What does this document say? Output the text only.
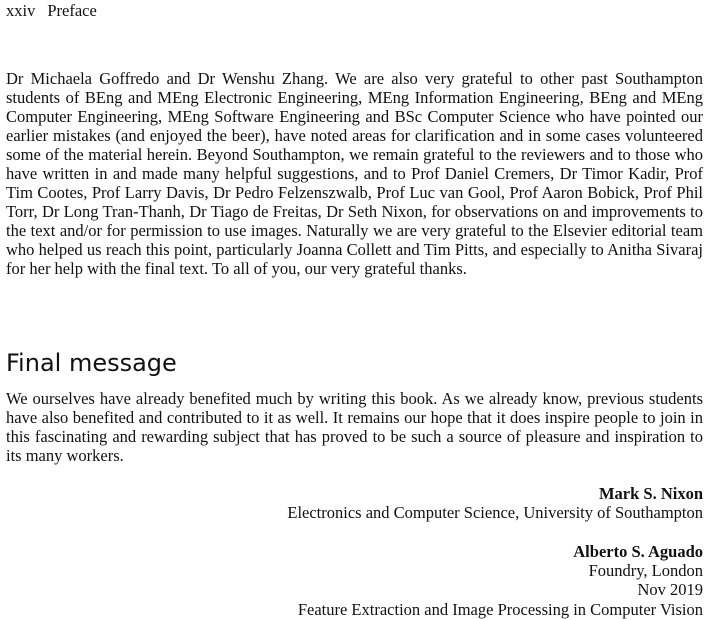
xxiv Preface

Dr Michaela Goffredo and Dr Wenshu Zhang. We are also very grateful to other past Southampton students of BEng and MEng Electronic Engineering, MEng Information Engineering, BEng and MEng Computer Engineering, MEng Software Engineering and BSc Computer Science who have pointed our earlier mistakes (and enjoyed the beer), have noted areas for clarification and in some cases volunteered some of the material herein. Beyond Southampton, we remain grateful to the reviewers and to those who have written in and made many helpful suggestions, and to Prof Daniel Cremers, Dr Timor Kadir, Prof Tim Cootes, Prof Larry Davis, Dr Pedro Felzenszwalb, Prof Luc van Gool, Prof Aaron Bobick, Prof Phil Torr, Dr Long Tran-Thanh, Dr Tiago de Freitas, Dr Seth Nixon, for observations on and improvements to the text and/or for permission to use images. Naturally we are very grateful to the Elsevier editorial team who helped us reach this point, particularly Joanna Collett and Tim Pitts, and especially to Anitha Sivaraj for her help with the final text. To all of you, our very grateful thanks.

Final message

We ourselves have already benefited much by writing this book. As we already know, previous students have also benefited and contributed to it as well. It remains our hope that it does inspire people to join in this fascinating and rewarding subject that has proved to be such a source of pleasure and inspiration to its many workers.

Mark S. Nixon
Electronics and Computer Science, University of Southampton
Alberto S. Aguado
Foundry, London
Nov 2019
Feature Extraction and Image Processing in Computer Vision
